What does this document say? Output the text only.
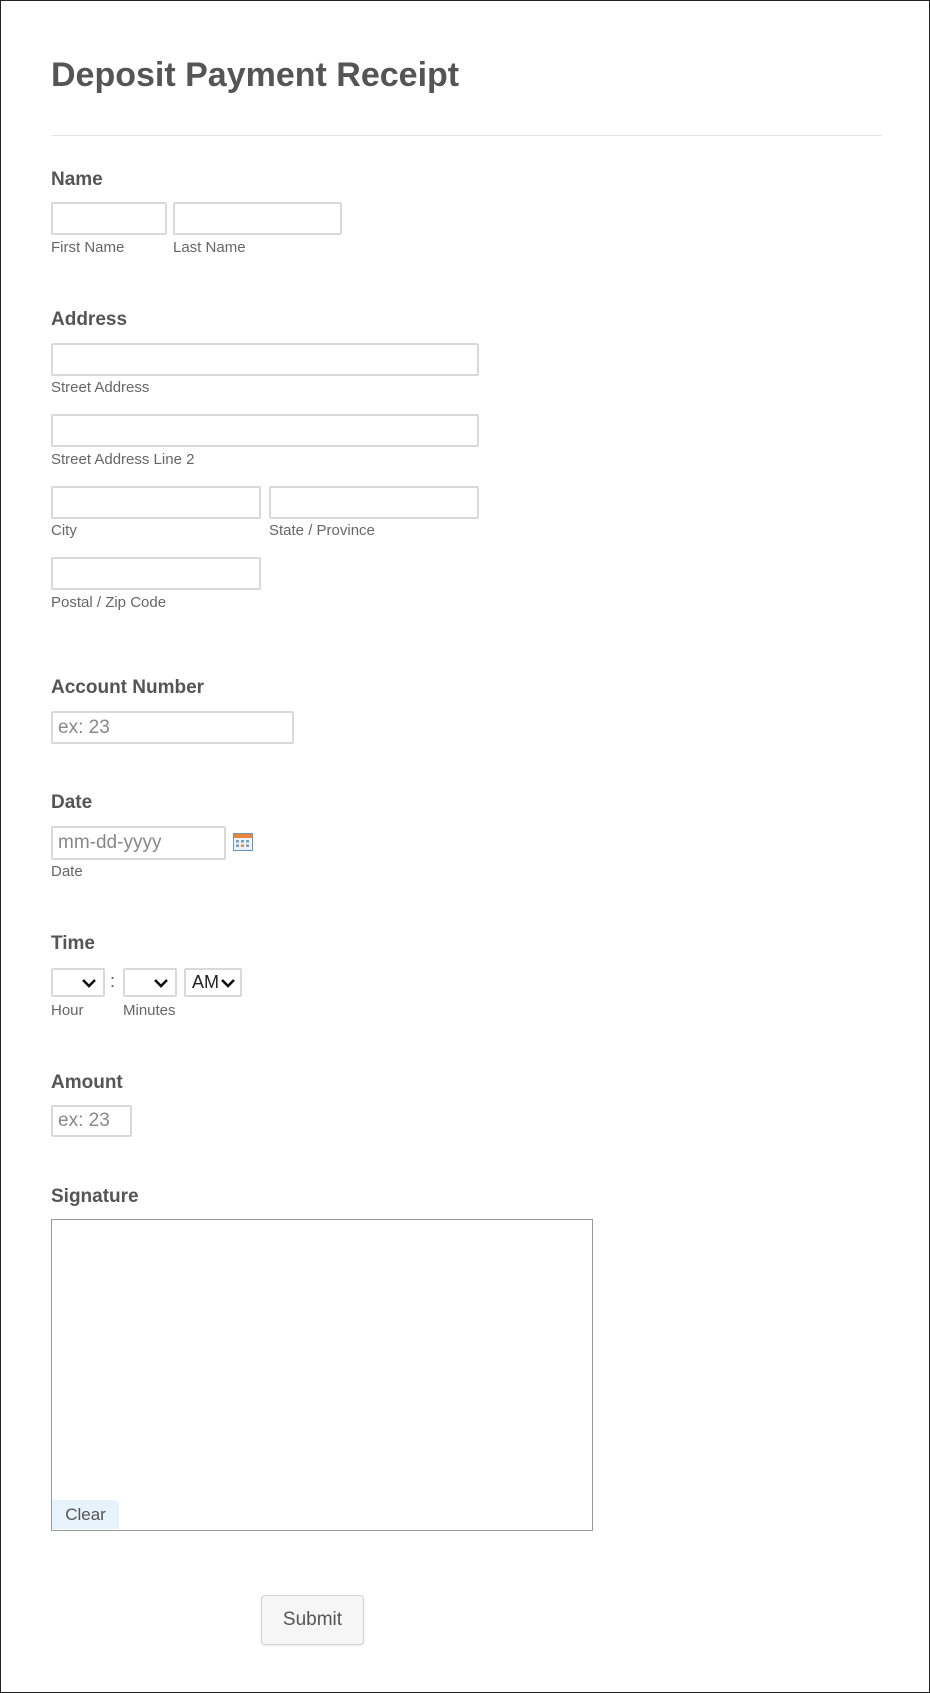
Deposit Payment Receipt
Name
First Name	Last Name
Address
Street Address
Street Address Line 2
City	State / Province
Postal / Zip Code
Account Number
ex: 23
Date
mm-dd-yyyy
Date
Time
:	AM
Hour	Minutes
Amount
ex: 23
Signature
Clear
Submit
